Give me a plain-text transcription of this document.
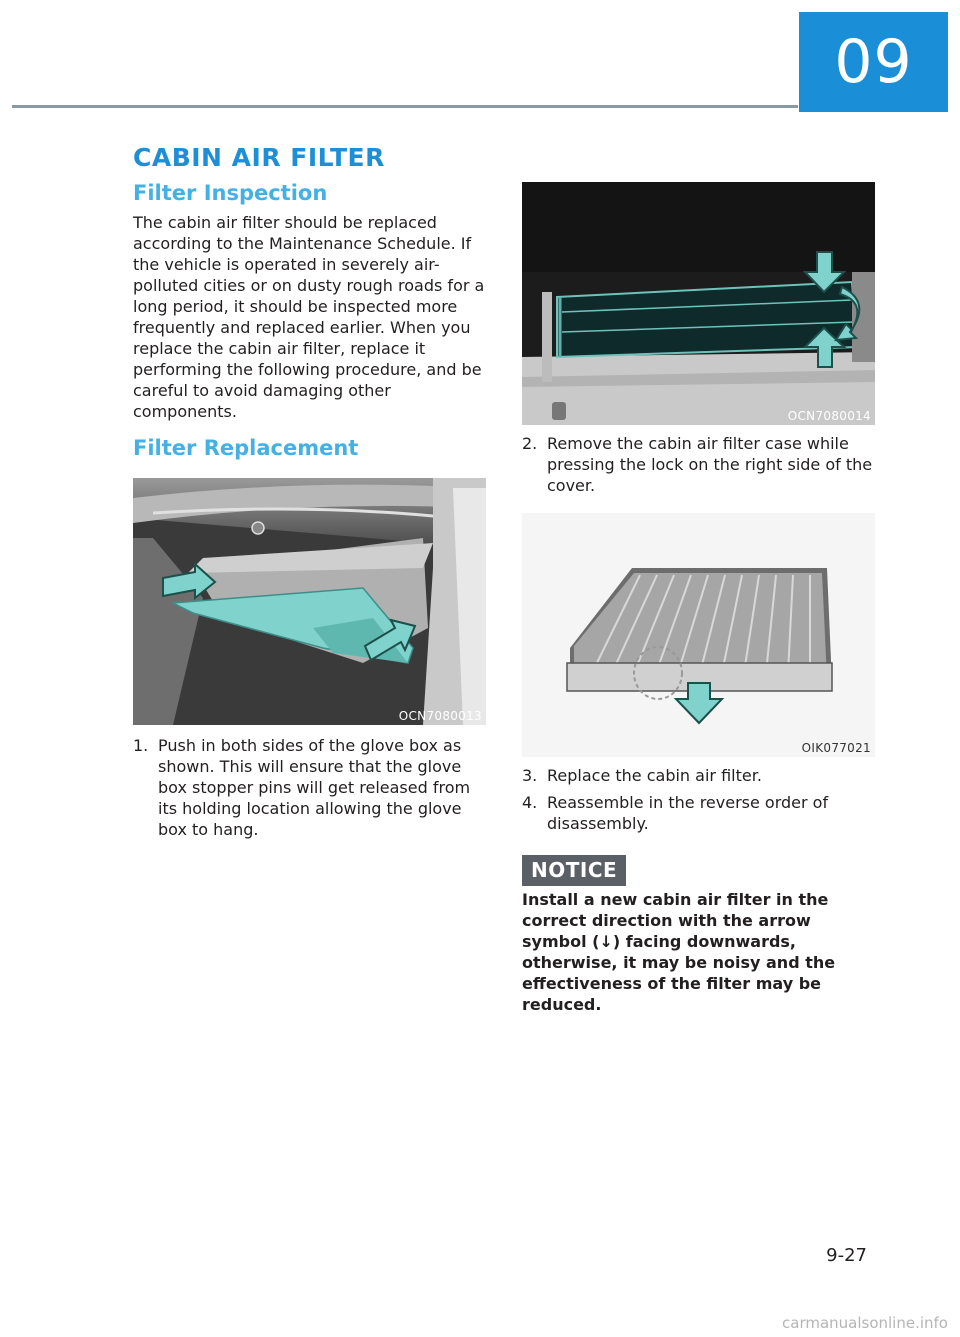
09
CABIN AIR FILTER
Filter Inspection

The cabin air filter should be replaced according to the Maintenance Schedule. If the vehicle is operated in severely air-polluted cities or on dusty rough roads for a long period, it should be inspected more frequently and replaced earlier. When you replace the cabin air filter, replace it performing the following procedure, and be careful to avoid damaging other components.

Filter Replacement
OCN7080013
1. Push in both sides of the glove box as shown. This will ensure that the glove box stopper pins will get released from its holding location allowing the glove box to hang.
OCN7080014
2. Remove the cabin air filter case while pressing the lock on the right side of the cover.
OIK077021
3. Replace the cabin air filter.
4. Reassemble in the reverse order of disassembly.
NOTICE

Install a new cabin air filter in the correct direction with the arrow symbol (↓) facing downwards, otherwise, it may be noisy and the effectiveness of the filter may be reduced.

9-27
carmanualsonline.info
